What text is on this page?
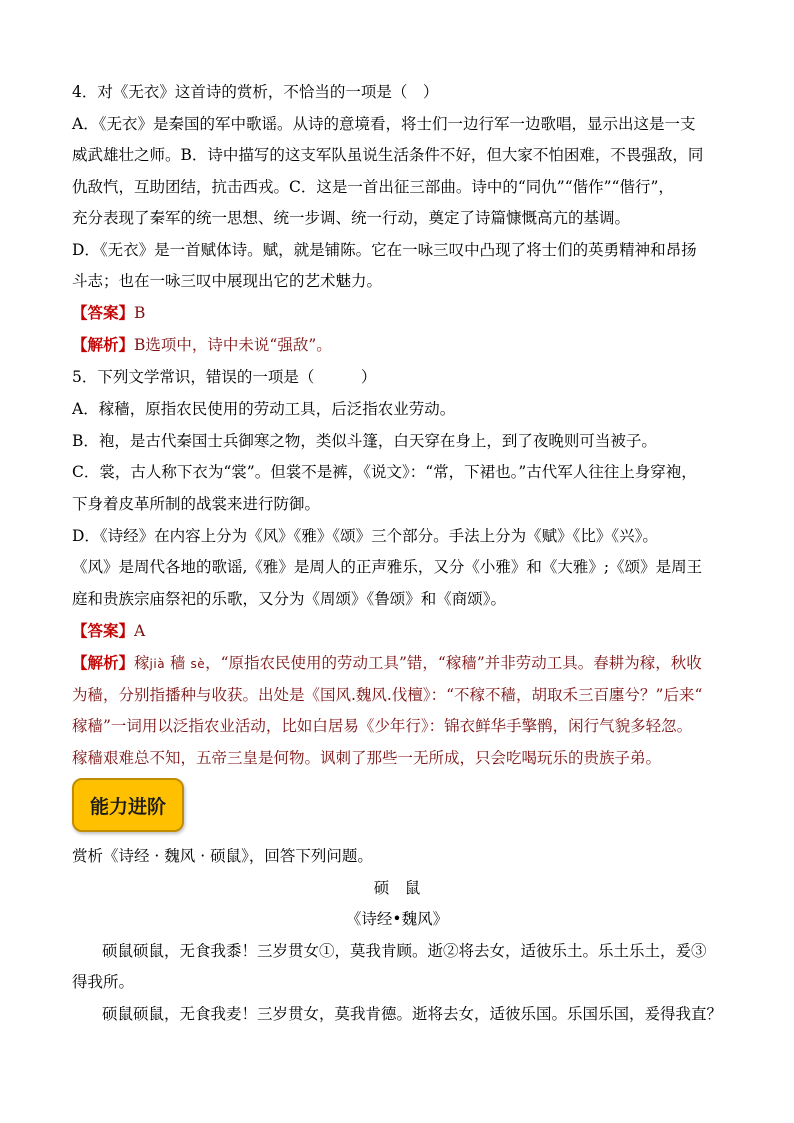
4．对《无衣》这首诗的赏析，不恰当的一项是（　）
A．《无衣》是秦国的军中歌谣。从诗的意境看，将士们一边行军一边歌唱，显示出这是一支
威武雄壮之师。B．诗中描写的这支军队虽说生活条件不好，但大家不怕困难，不畏强敌，同
仇敌忾，互助团结，抗击西戎。C．这是一首出征三部曲。诗中的“同仇”“偕作”“偕行”，
充分表现了秦军的统一思想、统一步调、统一行动，奠定了诗篇慷慨高亢的基调。
D．《无衣》是一首赋体诗。赋，就是铺陈。它在一咏三叹中凸现了将士们的英勇精神和昂扬
斗志；也在一咏三叹中展现出它的艺术魅力。
【答案】B
【解析】B选项中，诗中未说“强敌”。
5．下列文学常识，错误的一项是（　　　）
A．稼穑，原指农民使用的劳动工具，后泛指农业劳动。
B．袍，是古代秦国士兵御寒之物，类似斗篷，白天穿在身上，到了夜晚则可当被子。
C．裳，古人称下衣为“裳”。但裳不是裤，《说文》：“常，下裙也。”古代军人往往上身穿袍，
下身着皮革所制的战裳来进行防御。
D．《诗经》在内容上分为《风》《雅》《颂》三个部分。手法上分为《赋》《比》《兴》。
《风》是周代各地的歌谣,《雅》是周人的正声雅乐，又分《小雅》和《大雅》;《颂》是周王
庭和贵族宗庙祭祀的乐歌，又分为《周颂》《鲁颂》和《商颂》。
【答案】A
【解析】稼jià 穑 sè，“原指农民使用的劳动工具”错，“稼穑”并非劳动工具。春耕为稼，秋收
为穑，分别指播种与收获。出处是《国风.魏风.伐檀》：“不稼不穑，胡取禾三百廛兮？”后来“
稼穑”一词用以泛指农业活动，比如白居易《少年行》：锦衣鲜华手擎鹘，闲行气貌多轻忽。
稼穑艰难总不知，五帝三皇是何物。讽刺了那些一无所成，只会吃喝玩乐的贵族子弟。
能力进阶
赏析《诗经 · 魏风 · 硕鼠》，回答下列问题。
硕　鼠
《诗经•魏风》
硕鼠硕鼠，无食我黍！三岁贯女①，莫我肯顾。逝②将去女，适彼乐土。乐土乐土，爰③
得我所。
硕鼠硕鼠，无食我麦！三岁贯女，莫我肯德。逝将去女，适彼乐国。乐国乐国，爰得我直？
